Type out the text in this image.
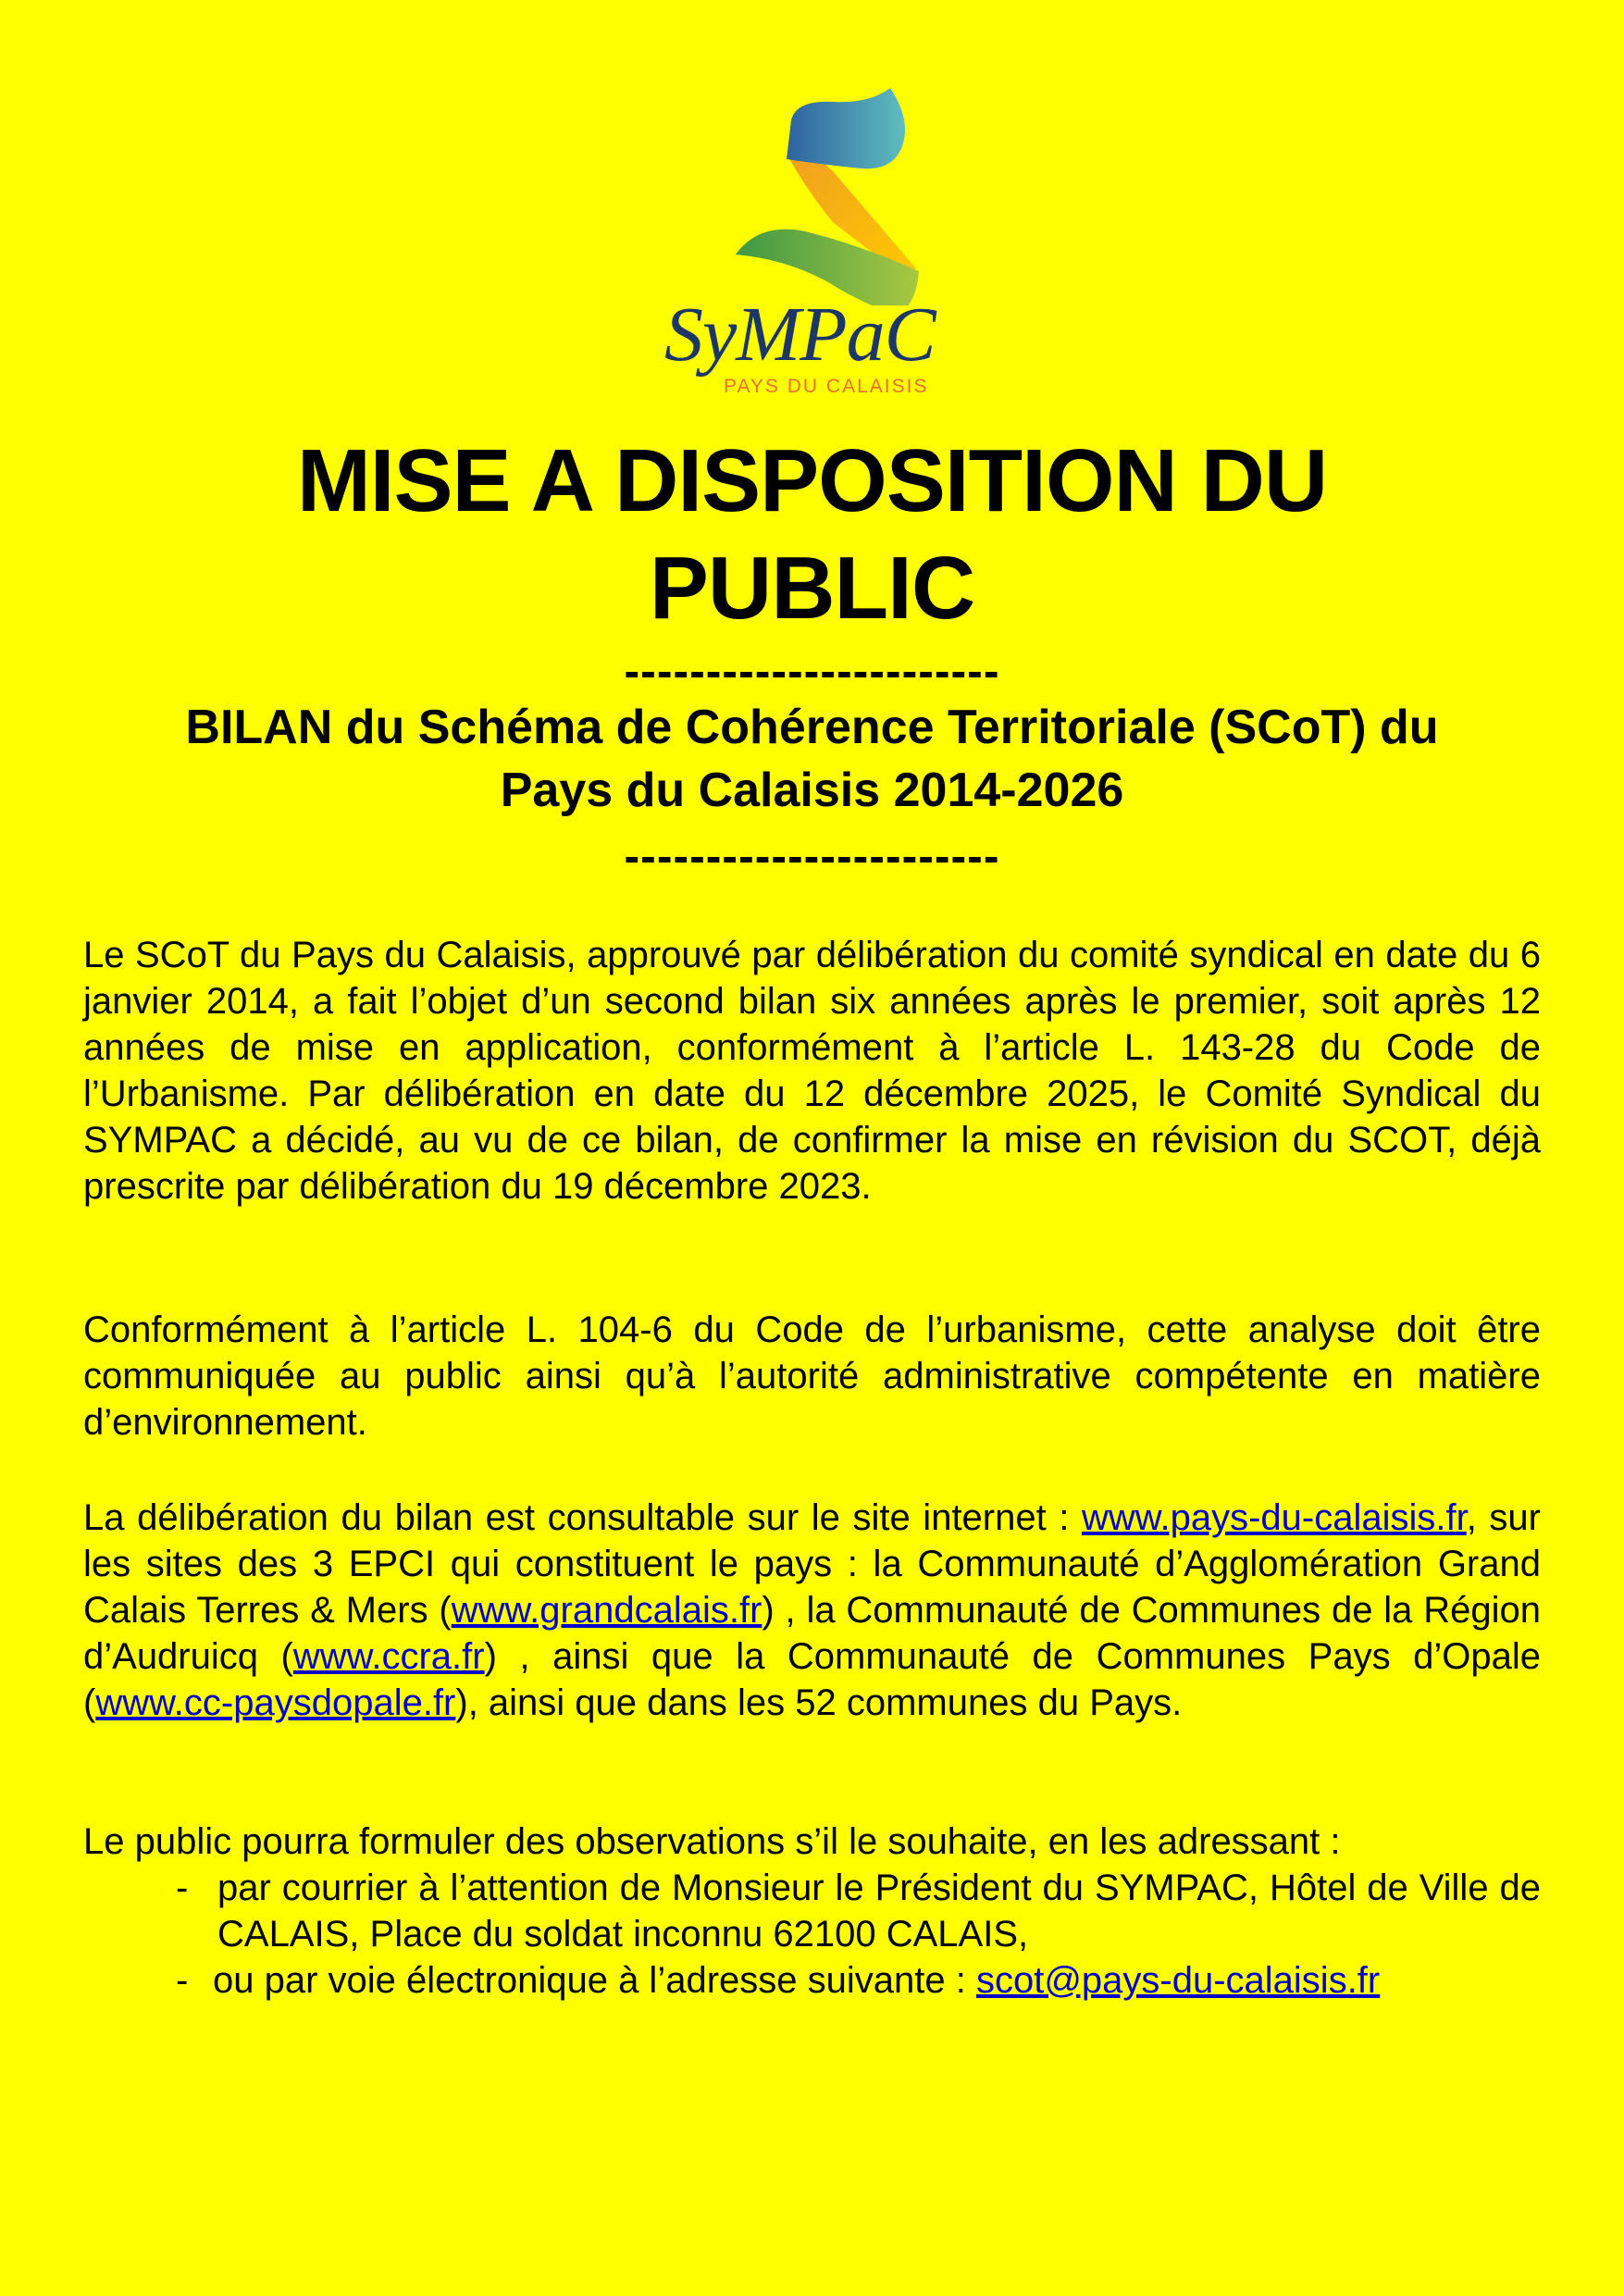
SyMPaC
PAYS DU CALAISIS
MISE A DISPOSITION DU
PUBLIC
-----------------------
BILAN du Schéma de Cohérence Territoriale (SCoT) du
Pays du Calaisis 2014-2026
-----------------------

Le SCoT du Pays du Calaisis, approuvé par délibération du comité syndical en date du 6 janvier 2014, a fait l’objet d’un second bilan six années après le premier, soit après 12 années de mise en application, conformément à l’article L. 143-28 du Code de l’Urbanisme. Par délibération en date du 12 décembre 2025, le Comité Syndical du SYMPAC a décidé, au vu de ce bilan, de confirmer la mise en révision du SCOT, déjà prescrite par délibération du 19 décembre 2023.

Conformément à l’article L. 104-6 du Code de l’urbanisme, cette analyse doit être communiquée au public ainsi qu’à l’autorité administrative compétente en matière d’environnement.

La délibération du bilan est consultable sur le site internet : www.pays-du-calaisis.fr, sur les sites des 3 EPCI qui constituent le pays : la Communauté d’Agglomération Grand Calais Terres & Mers (www.grandcalais.fr) , la Communauté de Communes de la Région d’Audruicq (www.ccra.fr) , ainsi que la Communauté de Communes Pays d’Opale (www.cc-paysdopale.fr), ainsi que dans les 52 communes du Pays.

Le public pourra formuler des observations s’il le souhaite, en les adressant :
- par courrier à l’attention de Monsieur le Président du SYMPAC, Hôtel de Ville de CALAIS, Place du soldat inconnu 62100 CALAIS,
- ou par voie électronique à l’adresse suivante : scot@pays-du-calaisis.fr
